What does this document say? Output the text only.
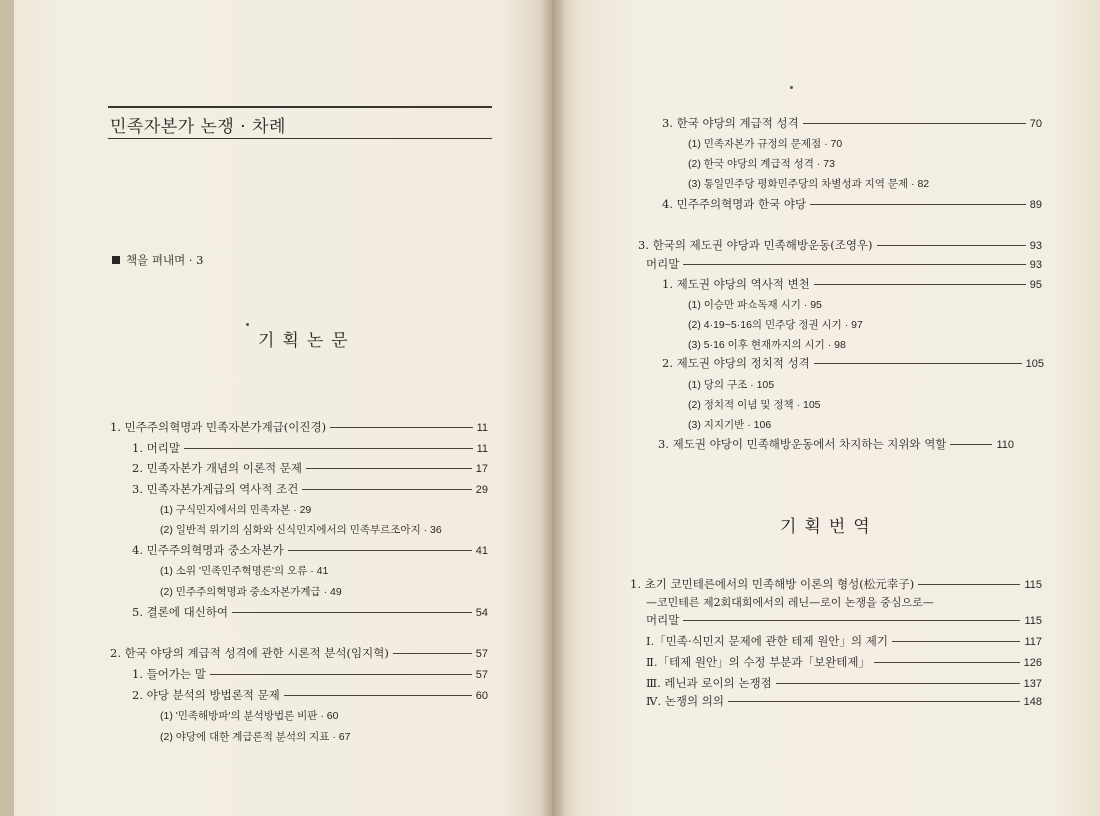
민족자본가 논쟁 · 차례
책을 펴내며 · 3
기획논문
1. 민주주의혁명과 민족자본가계급(이진경)	11
1. 머리말	11
2. 민족자본가 개념의 이론적 문제	17
3. 민족자본가계급의 역사적 조건	29
(1) 구식민지에서의 민족자본 · 29
(2) 일반적 위기의 심화와 신식민지에서의 민족부르조아지 · 36
4. 민주주의혁명과 중소자본가	41
(1) 소위 '민족민주혁명론'의 오류 · 41
(2) 민주주의혁명과 중소자본가계급 · 49
5. 결론에 대신하여	54
2. 한국 야당의 계급적 성격에 관한 시론적 분석(임지혁)	57
1. 들어가는 말	57
2. 야당 분석의 방법론적 문제	60
(1) '민족해방파'의 분석방법론 비판 · 60
(2) 야당에 대한 계급론적 분석의 지표 · 67
3. 한국 야당의 계급적 성격	70
(1) 민족자본가 규정의 문제점 · 70
(2) 한국 야당의 계급적 성격 · 73
(3) 통일민주당 평화민주당의 차별성과 지역 문제 · 82
4. 민주주의혁명과 한국 야당	89
3. 한국의 제도권 야당과 민족해방운동(조영우)	93
머리말	93
1. 제도권 야당의 역사적 변천	95
(1) 이승만 파쇼독재 시기 · 95
(2) 4·19~5·16의 민주당 정권 시기 · 97
(3) 5·16 이후 현재까지의 시기 · 98
2. 제도권 야당의 정치적 성격	105
(1) 당의 구조 · 105
(2) 정치적 이념 및 정책 · 105
(3) 지지기반 · 106
3. 제도권 야당이 민족해방운동에서 차지하는 지위와 역할	110
기획번역
1. 초기 코민테른에서의 민족해방 이론의 형성(松元幸子)	115
—코민테른 제2회대회에서의 레닌—로이 논쟁을 중심으로—
머리말	115
Ⅰ.「민족·식민지 문제에 관한 테제 원안」의 제기	117
Ⅱ.「테제 원안」의 수정 부분과「보완테제」	126
Ⅲ. 레닌과 로이의 논쟁점	137
Ⅳ. 논쟁의 의의	148
